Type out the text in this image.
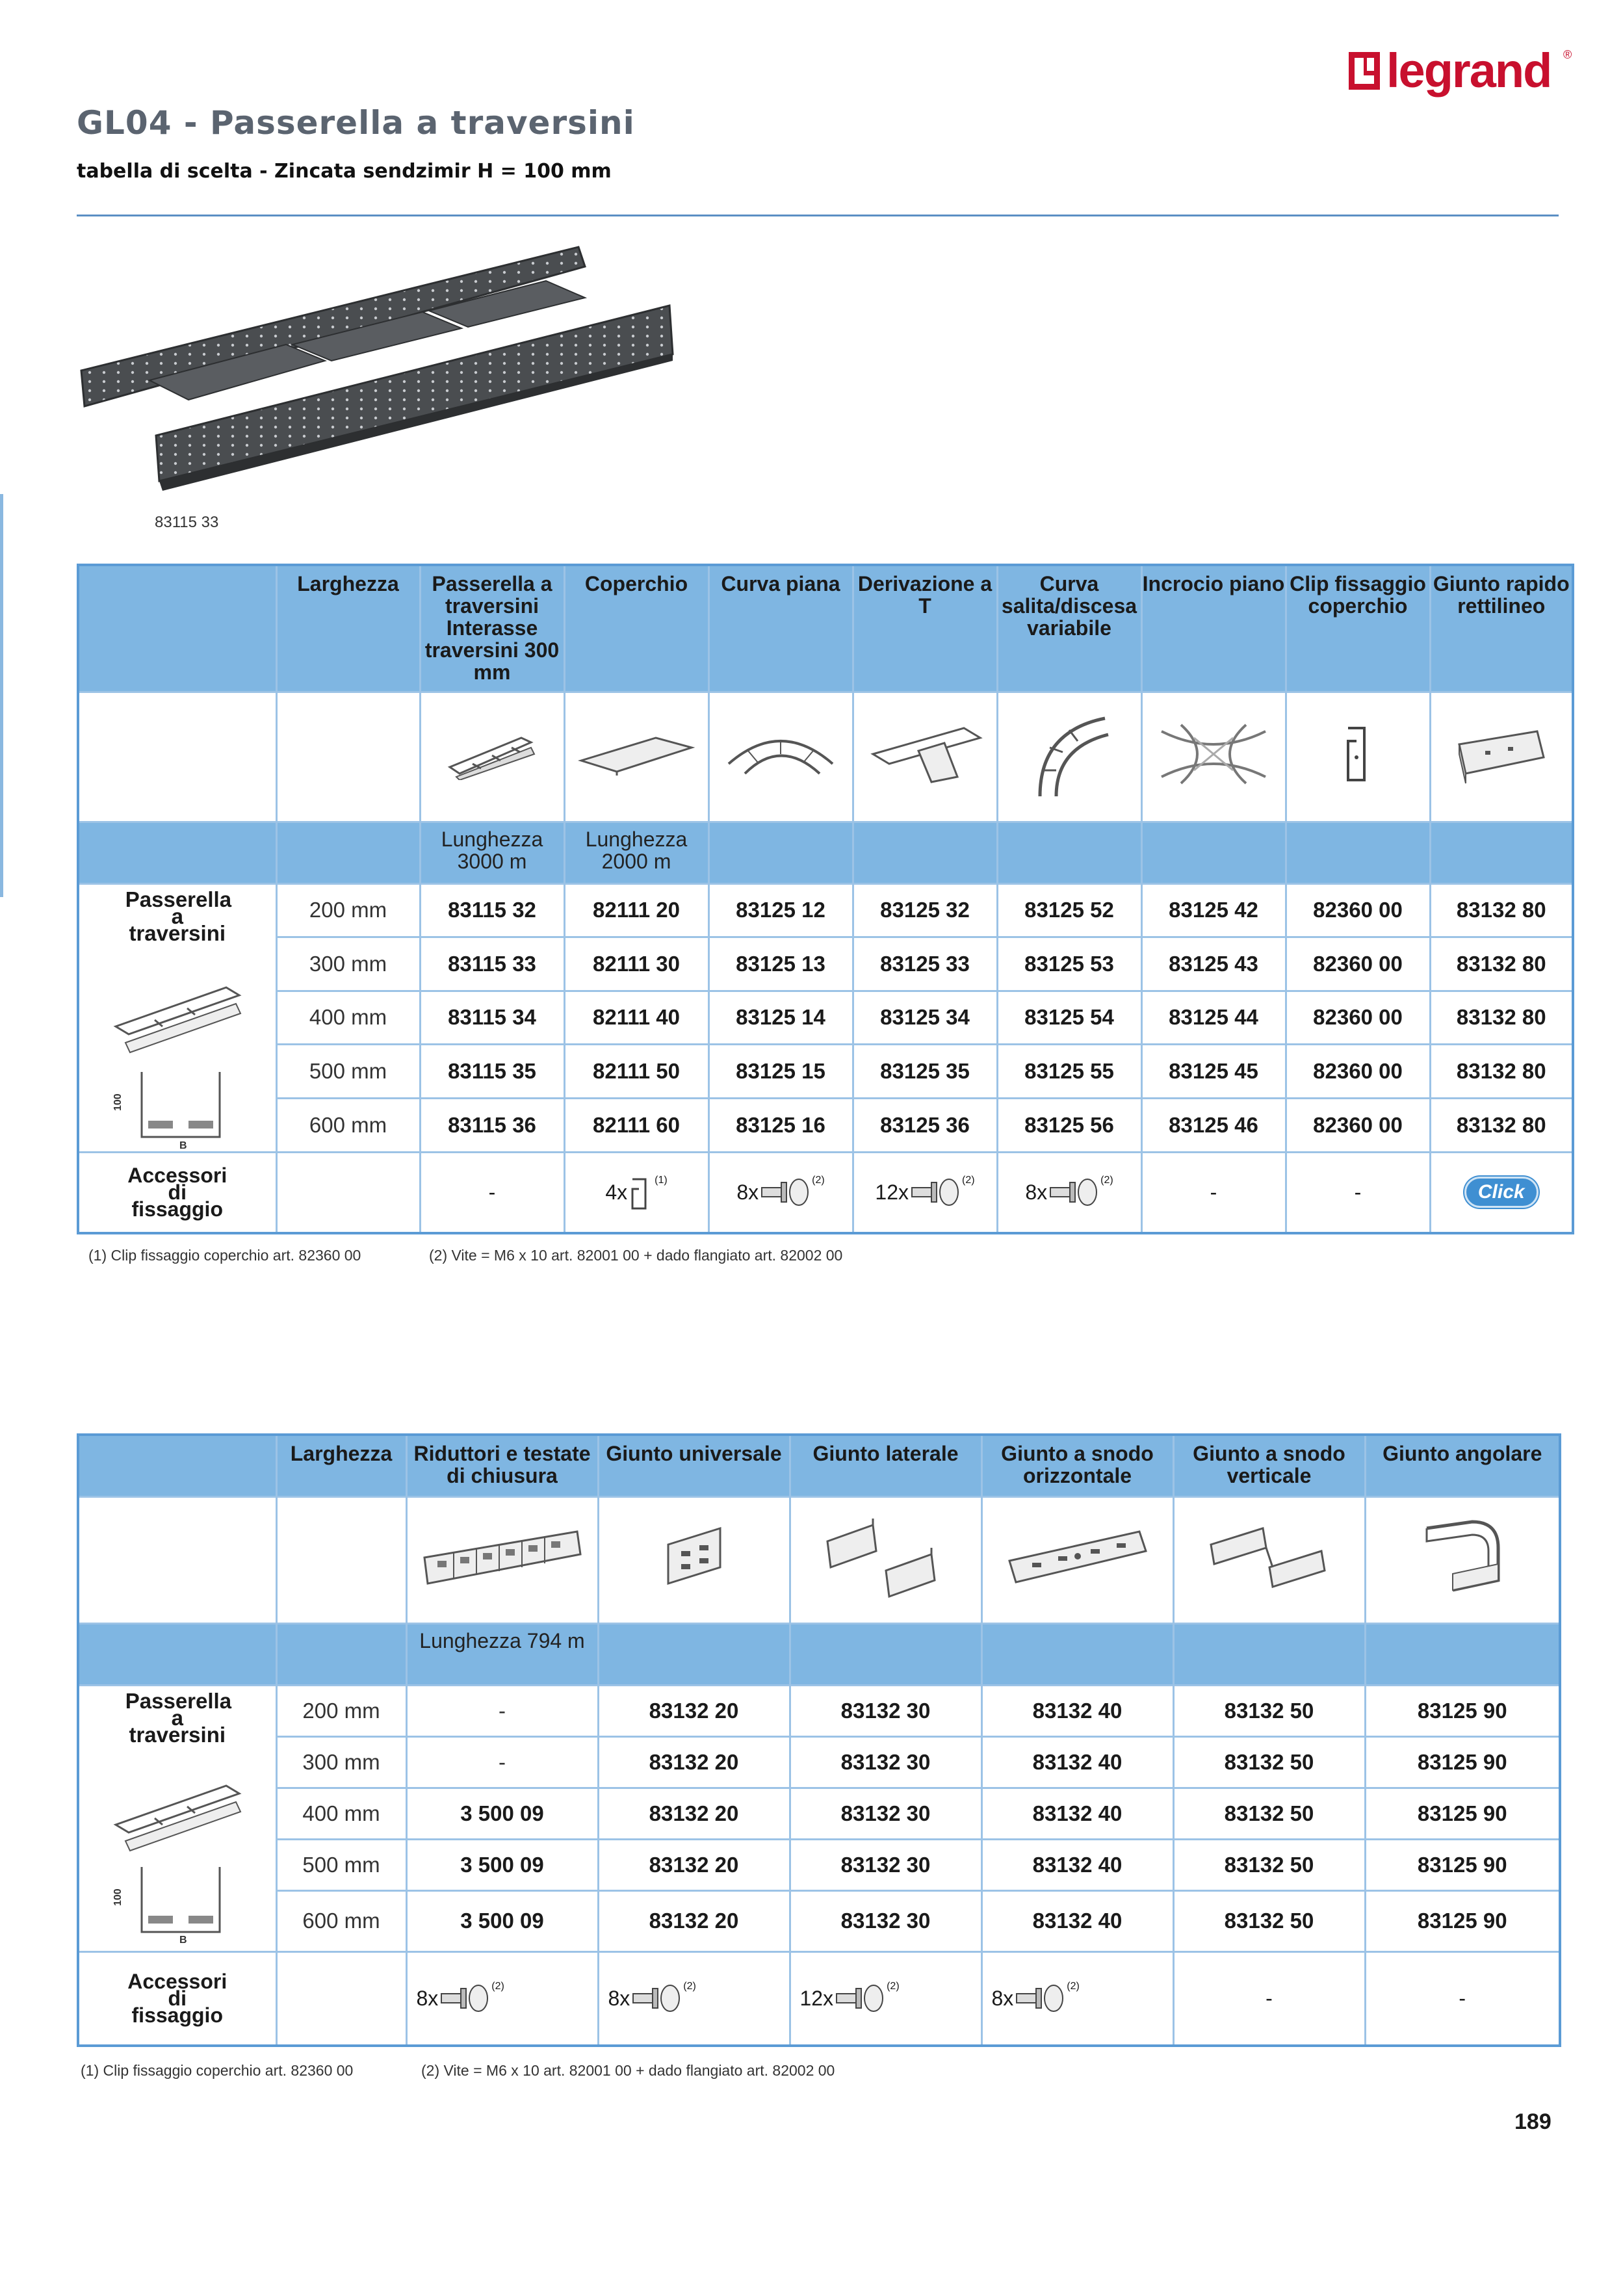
legrand ®
GL04 - Passerella a traversini
tabella di scelta - Zincata sendzimir H = 100 mm
83115 33
	Larghezza	Passerella a traversini Interasse traversini 300 mm	Coperchio	Curva piana	Derivazione a T	Curva salita/discesa variabile	Incrocio piano	Clip fissaggio coperchio	Giunto rapido rettilineo

		Lunghezza 3000 m	Lunghezza 2000 m						

Passerella a traversini
100
B	200 mm	83115 32	82111 20	83125 12	83125 32	83125 52	83125 42	82360 00	83132 80
	300 mm	83115 33	82111 30	83125 13	83125 33	83125 53	83125 43	82360 00	83132 80
	400 mm	83115 34	82111 40	83125 14	83125 34	83125 54	83125 44	82360 00	83132 80
	500 mm	83115 35	82111 50	83125 15	83125 35	83125 55	83125 45	82360 00	83132 80
	600 mm	83115 36	82111 60	83125 16	83125 36	83125 56	83125 46	82360 00	83132 80

Accessori di fissaggio		-	4x (1)	8x (2)	12x (2)	8x (2)	-	-	Click
(1) Clip fissaggio coperchio art. 82360 00	(2) Vite = M6 x 10 art. 82001 00 + dado flangiato art. 82002 00
	Larghezza	Riduttori e testate di chiusura	Giunto universale	Giunto laterale	Giunto a snodo orizzontale	Giunto a snodo verticale	Giunto angolare

		Lunghezza 794 m					

Passerella a traversini
100
B	200 mm	-	83132 20	83132 30	83132 40	83132 50	83125 90
	300 mm	-	83132 20	83132 30	83132 40	83132 50	83125 90
	400 mm	3 500 09	83132 20	83132 30	83132 40	83132 50	83125 90
	500 mm	3 500 09	83132 20	83132 30	83132 40	83132 50	83125 90
	600 mm	3 500 09	83132 20	83132 30	83132 40	83132 50	83125 90

Accessori di fissaggio		8x (2)	8x (2)	12x (2)	8x (2)	-	-
(1) Clip fissaggio coperchio art. 82360 00	(2) Vite = M6 x 10 art. 82001 00 + dado flangiato art. 82002 00
189
